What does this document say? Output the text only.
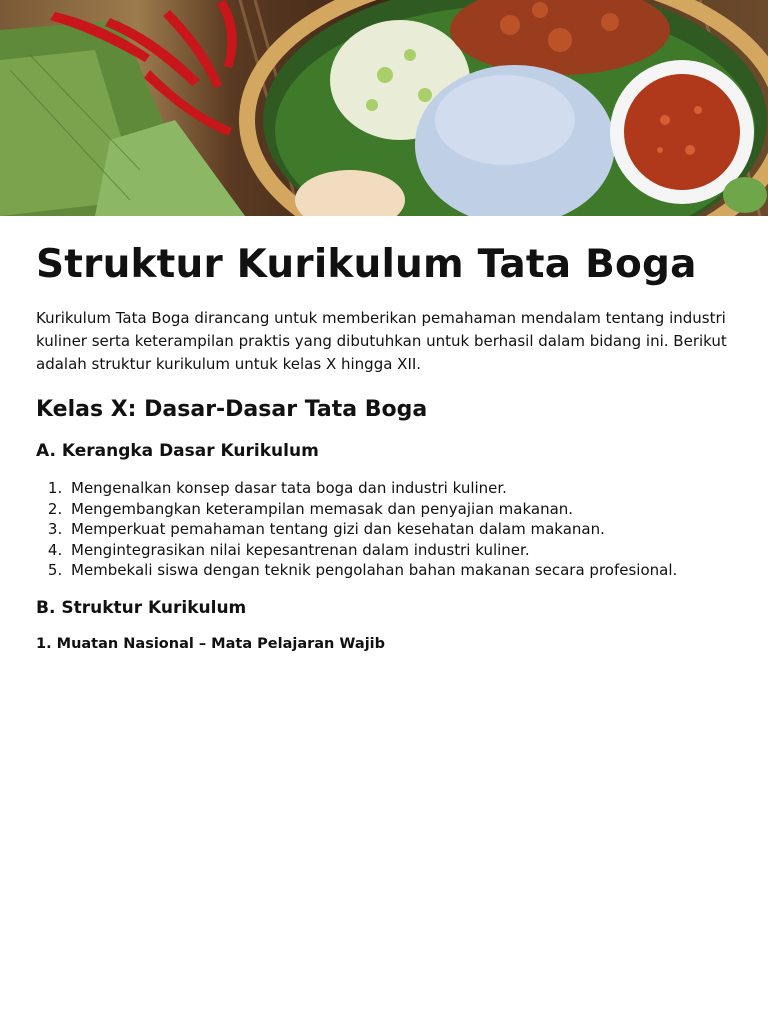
Struktur Kurikulum Tata Boga

Kurikulum Tata Boga dirancang untuk memberikan pemahaman mendalam tentang industri kuliner serta keterampilan praktis yang dibutuhkan untuk berhasil dalam bidang ini. Berikut adalah struktur kurikulum untuk kelas X hingga XII.

Kelas X: Dasar-Dasar Tata Boga
A. Kerangka Dasar Kurikulum
1. Mengenalkan konsep dasar tata boga dan industri kuliner.
2. Mengembangkan keterampilan memasak dan penyajian makanan.
3. Memperkuat pemahaman tentang gizi dan kesehatan dalam makanan.
4. Mengintegrasikan nilai kepesantrenan dalam industri kuliner.
5. Membekali siswa dengan teknik pengolahan bahan makanan secara profesional.
B. Struktur Kurikulum
1. Muatan Nasional – Mata Pelajaran Wajib
